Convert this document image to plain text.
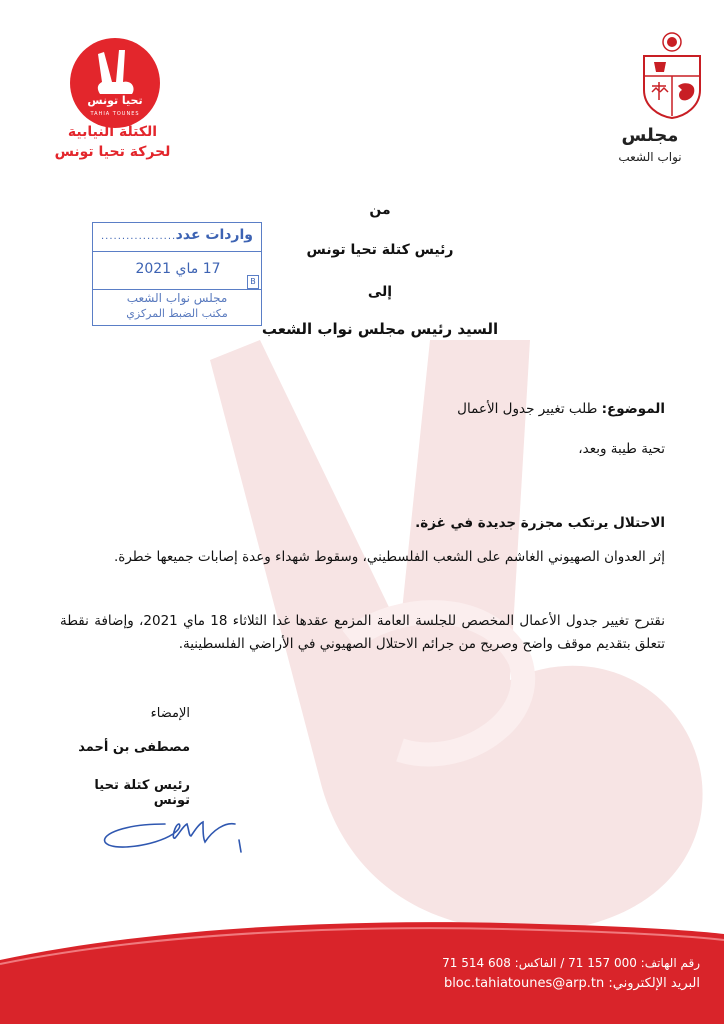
تحيا تونس
TAHIA TOUNES
الكتلة النيابية
لحركة تحيا تونس
مجلس
نواب الشعب
من
رئيس كتلة تحيا تونس
إلى
السيد رئيس مجلس نواب الشعب
واردات عدد
...................
17 ماي 2021
B
مجلس نواب الشعب
مكتب الضبط المركزي
الموضوع: طلب تغيير جدول الأعمال
تحية طيبة وبعد،
الاحتلال يرتكب مجزرة جديدة في غزة.
إثر العدوان الصهيوني الغاشم على الشعب الفلسطيني، وسقوط شهداء وعدة إصابات جميعها خطرة.
نقترح تغيير جدول الأعمال المخصص للجلسة العامة المزمع عقدها غدا الثلاثاء 18 ماي 2021، وإضافة نقطة تتعلق بتقديم موقف واضح وصريح من جرائم الاحتلال الصهيوني في الأراضي الفلسطينية.
الإمضاء
مصطفى بن أحمد
رئيس كتلة تحيا تونس
رقم الهاتف: 000 157 71 / الفاكس: 608 514 71
البريد الإلكتروني: bloc.tahiatounes@arp.tn
